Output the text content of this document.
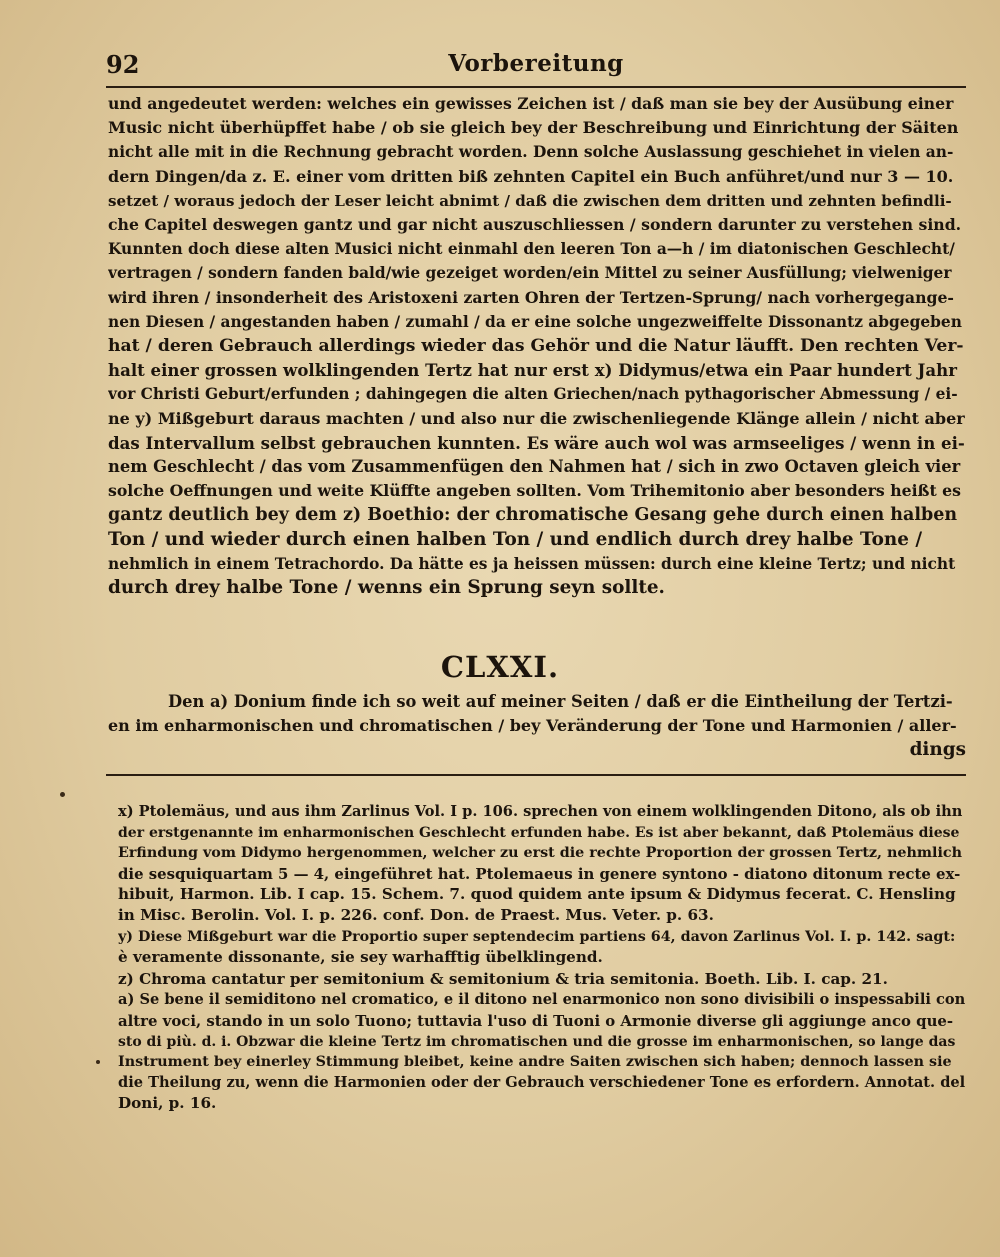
92	Vorbereitung
und angedeutet werden: welches ein gewisses Zeichen ist / daß man sie bey der Ausübung einer
Music nicht überhüpffet habe / ob sie gleich bey der Beschreibung und Einrichtung der Säiten
nicht alle mit in die Rechnung gebracht worden. Denn solche Auslassung geschiehet in vielen an-
dern Dingen/da z. E. einer vom dritten biß zehnten Capitel ein Buch anführet/und nur 3 — 10.
setzet / woraus jedoch der Leser leicht abnimt / daß die zwischen dem dritten und zehnten befindli-
che Capitel deswegen gantz und gar nicht auszuschliessen / sondern darunter zu verstehen sind.
Kunnten doch diese alten Musici nicht einmahl den leeren Ton a—h / im diatonischen Geschlecht/
vertragen / sondern fanden bald/wie gezeiget worden/ein Mittel zu seiner Ausfüllung; vielweniger
wird ihren / insonderheit des Aristoxeni zarten Ohren der Tertzen-Sprung/ nach vorhergegange-
nen Diesen / angestanden haben / zumahl / da er eine solche ungezweiffelte Dissonantz abgegeben
hat / deren Gebrauch allerdings wieder das Gehör und die Natur läufft. Den rechten Ver-
halt einer grossen wolklingenden Tertz hat nur erst x) Didymus/etwa ein Paar hundert Jahr
vor Christi Geburt/erfunden ; dahingegen die alten Griechen/nach pythagorischer Abmessung / ei-
ne y) Mißgeburt daraus machten / und also nur die zwischenliegende Klänge allein / nicht aber
das Intervallum selbst gebrauchen kunnten. Es wäre auch wol was armseeliges / wenn in ei-
nem Geschlecht / das vom Zusammenfügen den Nahmen hat / sich in zwo Octaven gleich vier
solche Oeffnungen und weite Klüffte angeben sollten. Vom Trihemitonio aber besonders heißt es
gantz deutlich bey dem z) Boethio: der chromatische Gesang gehe durch einen halben
Ton / und wieder durch einen halben Ton / und endlich durch drey halbe Tone /
nehmlich in einem Tetrachordo. Da hätte es ja heissen müssen: durch eine kleine Tertz; und nicht
durch drey halbe Tone / wenns ein Sprung seyn sollte.
CLXXI.
Den a) Donium finde ich so weit auf meiner Seiten / daß er die Eintheilung der Tertzi-
en im enharmonischen und chromatischen / bey Veränderung der Tone und Harmonien / aller-
dings
x) Ptolemäus, und aus ihm Zarlinus Vol. I p. 106. sprechen von einem wolklingenden Ditono, als ob ihn
der erstgenannte im enharmonischen Geschlecht erfunden habe. Es ist aber bekannt, daß Ptolemäus diese
Erfindung vom Didymo hergenommen, welcher zu erst die rechte Proportion der grossen Tertz, nehmlich
die sesquiquartam 5 — 4, eingeführet hat. Ptolemaeus in genere syntono - diatono ditonum recte ex-
hibuit, Harmon. Lib. I cap. 15. Schem. 7. quod quidem ante ipsum & Didymus fecerat. C. Hensling
in Misc. Berolin. Vol. I. p. 226. conf. Don. de Praest. Mus. Veter. p. 63.
y) Diese Mißgeburt war die Proportio super septendecim partiens 64, davon Zarlinus Vol. I. p. 142. sagt:
è veramente dissonante, sie sey warhafftig übelklingend.
z) Chroma cantatur per semitonium & semitonium & tria semitonia. Boeth. Lib. I. cap. 21.
a) Se bene il semiditono nel cromatico, e il ditono nel enarmonico non sono divisibili o inspessabili con
altre voci, stando in un solo Tuono; tuttavia l'uso di Tuoni o Armonie diverse gli aggiunge anco que-
sto di più. d. i. Obzwar die kleine Tertz im chromatischen und die grosse im enharmonischen, so lange das
Instrument bey einerley Stimmung bleibet, keine andre Saiten zwischen sich haben; dennoch lassen sie
die Theilung zu, wenn die Harmonien oder der Gebrauch verschiedener Tone es erfordern. Annotat. del
Doni, p. 16.
